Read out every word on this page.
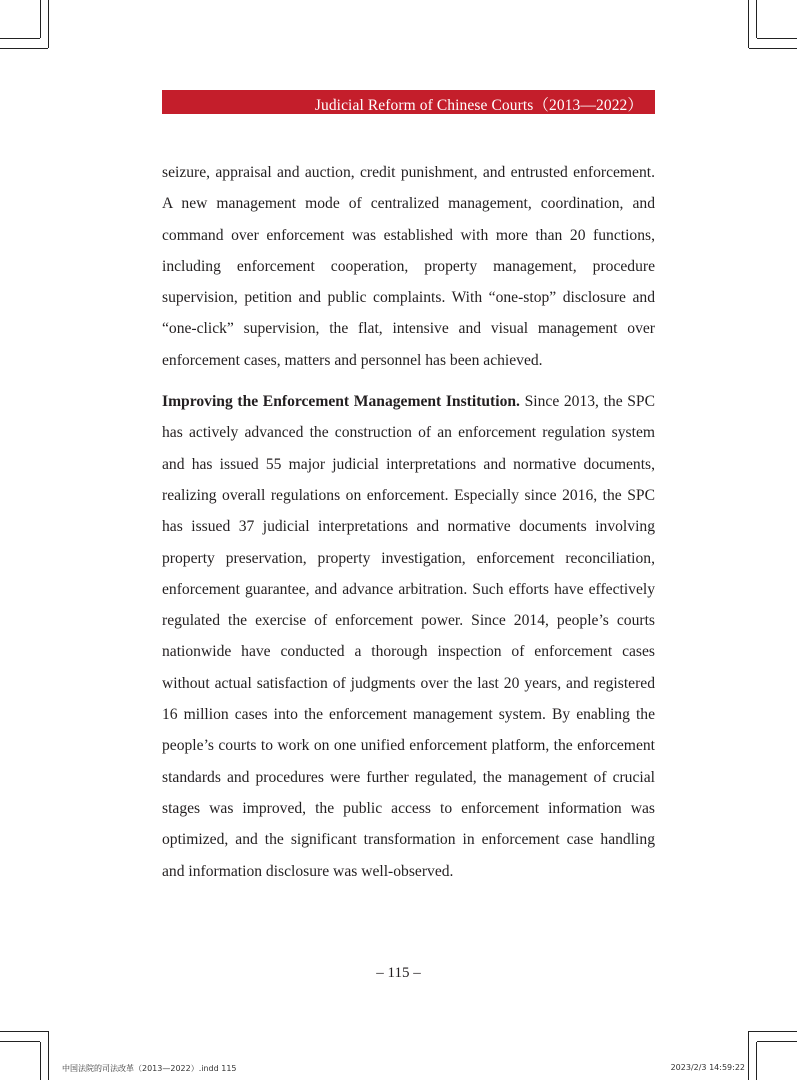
Judicial Reform of Chinese Courts（2013—2022）

seizure, appraisal and auction, credit punishment, and entrusted enforcement. A new management mode of centralized management, coordination, and command over enforcement was established with more than 20 functions, including enforcement cooperation, property management, procedure supervision, petition and public complaints. With “one-stop” disclosure and “one-click” supervision, the flat, intensive and visual management over enforcement cases, matters and personnel has been achieved.

Improving the Enforcement Management Institution. Since 2013, the SPC has actively advanced the construction of an enforcement regulation system and has issued 55 major judicial interpretations and normative documents, realizing overall regulations on enforcement. Especially since 2016, the SPC has issued 37 judicial interpretations and normative documents involving property preservation, property investigation, enforcement reconciliation, enforcement guarantee, and advance arbitration. Such efforts have effectively regulated the exercise of enforcement power. Since 2014, people’s courts nationwide have conducted a thorough inspection of enforcement cases without actual satisfaction of judgments over the last 20 years, and registered 16 million cases into the enforcement management system. By enabling the people’s courts to work on one unified enforcement platform, the enforcement standards and procedures were further regulated, the management of crucial stages was improved, the public access to enforcement information was optimized, and the significant transformation in enforcement case handling and information disclosure was well-observed.

– 115 –
中国法院的司法改革（2013—2022）.indd 115	2023/2/3 14:59:22
